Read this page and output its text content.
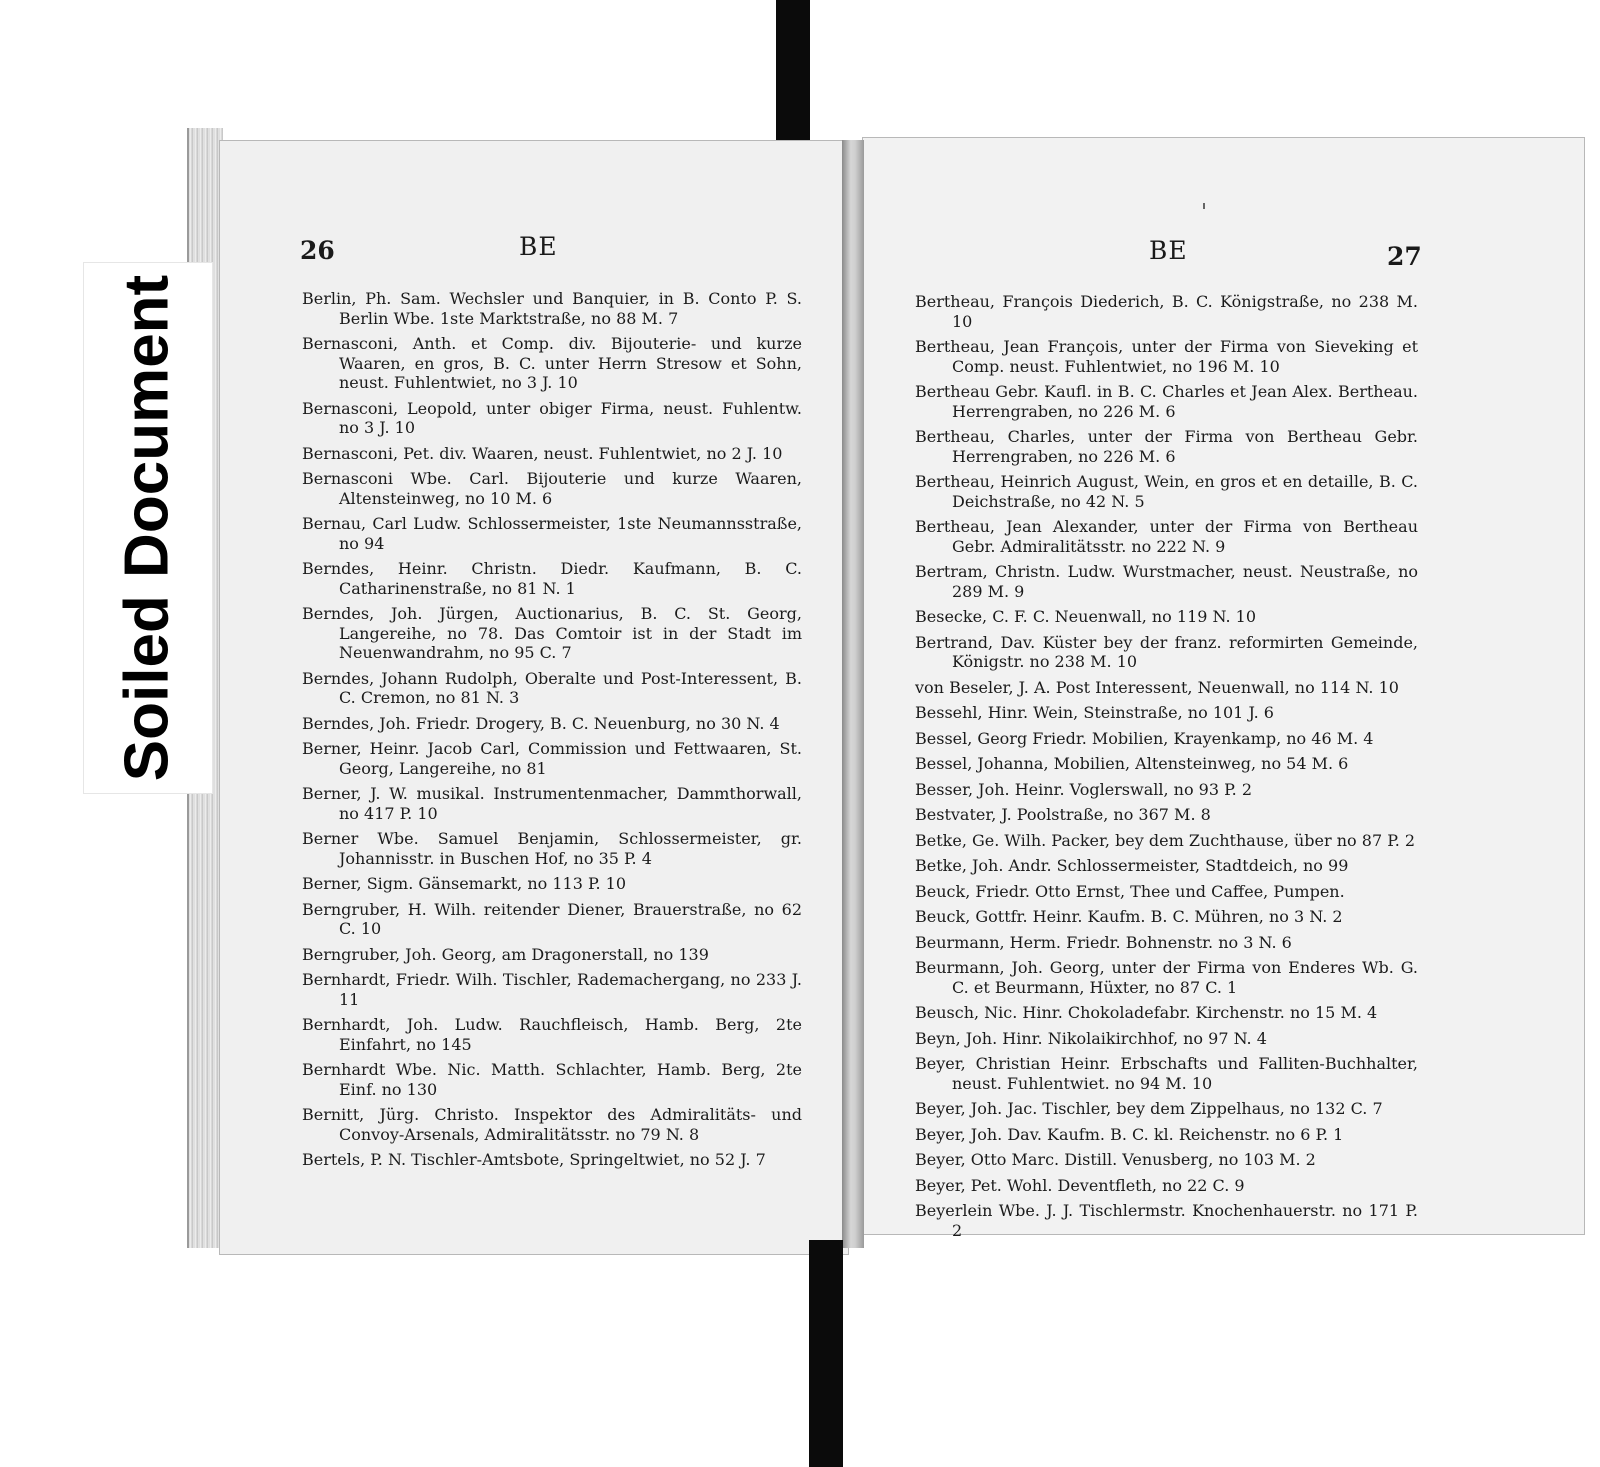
Soiled Document
26	BE	27
BE
Berlin, Ph. Sam. Wechsler und Banquier, in B. Conto P. S. Berlin Wbe. 1ste Marktstraße, no 88 M. 7
Bernasconi, Anth. et Comp. div. Bijouterie- und kurze Waaren, en gros, B. C. unter Herrn Stresow et Sohn, neust. Fuhlentwiet, no 3 J. 10
Bernasconi, Leopold, unter obiger Firma, neust. Fuhlentw. no 3 J. 10
Bernasconi, Pet. div. Waaren, neust. Fuhlentwiet, no 2 J. 10
Bernasconi Wbe. Carl. Bijouterie und kurze Waaren, Altensteinweg, no 10 M. 6
Bernau, Carl Ludw. Schlossermeister, 1ste Neumannsstraße, no 94
Berndes, Heinr. Christn. Diedr. Kaufmann, B. C. Catharinenstraße, no 81 N. 1
Berndes, Joh. Jürgen, Auctionarius, B. C. St. Georg, Langereihe, no 78. Das Comtoir ist in der Stadt im Neuenwandrahm, no 95 C. 7
Berndes, Johann Rudolph, Oberalte und Post-Interessent, B. C. Cremon, no 81 N. 3
Berndes, Joh. Friedr. Drogery, B. C. Neuenburg, no 30 N. 4
Berner, Heinr. Jacob Carl, Commission und Fettwaaren, St. Georg, Langereihe, no 81
Berner, J. W. musikal. Instrumentenmacher, Dammthorwall, no 417 P. 10
Berner Wbe. Samuel Benjamin, Schlossermeister, gr. Johannisstr. in Buschen Hof, no 35 P. 4
Berner, Sigm. Gänsemarkt, no 113 P. 10
Berngruber, H. Wilh. reitender Diener, Brauerstraße, no 62 C. 10
Berngruber, Joh. Georg, am Dragonerstall, no 139
Bernhardt, Friedr. Wilh. Tischler, Rademachergang, no 233 J. 11
Bernhardt, Joh. Ludw. Rauchfleisch, Hamb. Berg, 2te Einfahrt, no 145
Bernhardt Wbe. Nic. Matth. Schlachter, Hamb. Berg, 2te Einf. no 130
Bernitt, Jürg. Christo. Inspektor des Admiralitäts- und Convoy-Arsenals, Admiralitätsstr. no 79 N. 8
Bertels, P. N. Tischler-Amtsbote, Springeltwiet, no 52 J. 7
Bertheau, François Diederich, B. C. Königstraße, no 238 M. 10
Bertheau, Jean François, unter der Firma von Sieveking et Comp. neust. Fuhlentwiet, no 196 M. 10
Bertheau Gebr. Kaufl. in B. C. Charles et Jean Alex. Bertheau. Herrengraben, no 226 M. 6
Bertheau, Charles, unter der Firma von Bertheau Gebr. Herrengraben, no 226 M. 6
Bertheau, Heinrich August, Wein, en gros et en detaille, B. C. Deichstraße, no 42 N. 5
Bertheau, Jean Alexander, unter der Firma von Bertheau Gebr. Admiralitätsstr. no 222 N. 9
Bertram, Christn. Ludw. Wurstmacher, neust. Neustraße, no 289 M. 9
Besecke, C. F. C. Neuenwall, no 119 N. 10
Bertrand, Dav. Küster bey der franz. reformirten Gemeinde, Königstr. no 238 M. 10
von Beseler, J. A. Post Interessent, Neuenwall, no 114 N. 10
Bessehl, Hinr. Wein, Steinstraße, no 101 J. 6
Bessel, Georg Friedr. Mobilien, Krayenkamp, no 46 M. 4
Bessel, Johanna, Mobilien, Altensteinweg, no 54 M. 6
Besser, Joh. Heinr. Voglerswall, no 93 P. 2
Bestvater, J. Poolstraße, no 367 M. 8
Betke, Ge. Wilh. Packer, bey dem Zuchthause, über no 87 P. 2
Betke, Joh. Andr. Schlossermeister, Stadtdeich, no 99
Beuck, Friedr. Otto Ernst, Thee und Caffee, Pumpen.
Beuck, Gottfr. Heinr. Kaufm. B. C. Mühren, no 3 N. 2
Beurmann, Herm. Friedr. Bohnenstr. no 3 N. 6
Beurmann, Joh. Georg, unter der Firma von Enderes Wb. G. C. et Beurmann, Hüxter, no 87 C. 1
Beusch, Nic. Hinr. Chokoladefabr. Kirchenstr. no 15 M. 4
Beyn, Joh. Hinr. Nikolaikirchhof, no 97 N. 4
Beyer, Christian Heinr. Erbschafts und Falliten-Buchhalter, neust. Fuhlentwiet. no 94 M. 10
Beyer, Joh. Jac. Tischler, bey dem Zippelhaus, no 132 C. 7
Beyer, Joh. Dav. Kaufm. B. C. kl. Reichenstr. no 6 P. 1
Beyer, Otto Marc. Distill. Venusberg, no 103 M. 2
Beyer, Pet. Wohl. Deventfleth, no 22 C. 9
Beyerlein Wbe. J. J. Tischlermstr. Knochenhauerstr. no 171 P. 2
